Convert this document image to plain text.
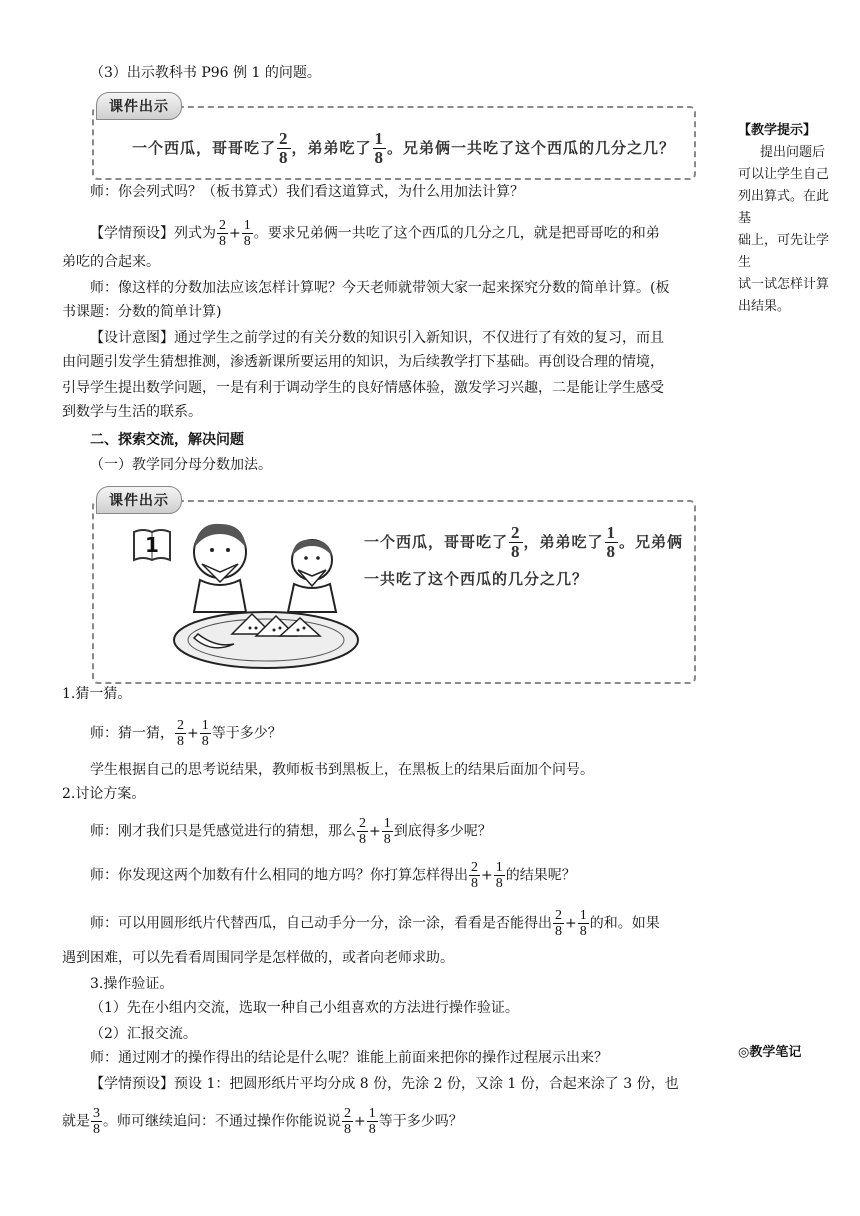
（3）出示教科书 P96 例 1 的问题。
师：你会列式吗？（板书算式）我们看这道算式，为什么用加法计算？
【学情预设】列式为 $\frac{2}{8} + \frac{1}{8}$ 。要求兄弟俩一共吃了这个西瓜的几分之几，就是把哥哥吃的和弟
弟吃的合起来。
师：像这样的分数加法应该怎样计算呢？今天老师就带领大家一起来探究分数的简单计算。(板
书课题：分数的简单计算)
【设计意图】通过学生之前学过的有关分数的知识引入新知识，不仅进行了有效的复习，而且
由问题引发学生猜想推测，渗透新课所要运用的知识，为后续教学打下基础。再创设合理的情境，
引导学生提出数学问题，一是有利于调动学生的良好情感体验，激发学习兴趣，二是能让学生感受
到数学与生活的联系。
二、探索交流，解决问题
（一）教学同分母分数加法。
1.猜一猜。
师：猜一猜， $\frac{2}{8} + \frac{1}{8}$ 等于多少？
学生根据自己的思考说结果，教师板书到黑板上，在黑板上的结果后面加个问号。
2.讨论方案。
师：刚才我们只是凭感觉进行的猜想，那么 $\frac{2}{8} + \frac{1}{8}$ 到底得多少呢？
师：你发现这两个加数有什么相同的地方吗？你打算怎样得出 $\frac{2}{8} + \frac{1}{8}$ 的结果呢？
师：可以用圆形纸片代替西瓜，自己动手分一分，涂一涂，看看是否能得出 $\frac{2}{8} + \frac{1}{8}$ 的和。如果
遇到困难，可以先看看周围同学是怎样做的，或者向老师求助。
3.操作验证。
（1）先在小组内交流，选取一种自己小组喜欢的方法进行操作验证。
（2）汇报交流。
师：通过刚才的操作得出的结论是什么呢？谁能上前面来把你的操作过程展示出来？
【学情预设】预设 1：把圆形纸片平均分成 8 份，先涂 2 份，又涂 1 份，合起来涂了 3 份，也
就是 $\frac{3}{8}$ 。师可继续追问：不通过操作你能说说 $\frac{2}{8} + \frac{1}{8}$ 等于多少吗？
课件出示
一个西瓜，哥哥吃了 $\frac{2}{8}$ ，弟弟吃了 $\frac{1}{8}$ 。兄弟俩一共吃了这个西瓜的几分之几？
课件出示
1	一个西瓜，哥哥吃了 $\frac{2}{8}$ ，弟弟吃了 $\frac{1}{8}$ 。兄弟俩
一共吃了这个西瓜的几分之几？
【教学提示】
提出问题后
可以让学生自己
列出算式。在此基
础上，可先让学生
试一试怎样计算
出结果。
◎教学笔记
